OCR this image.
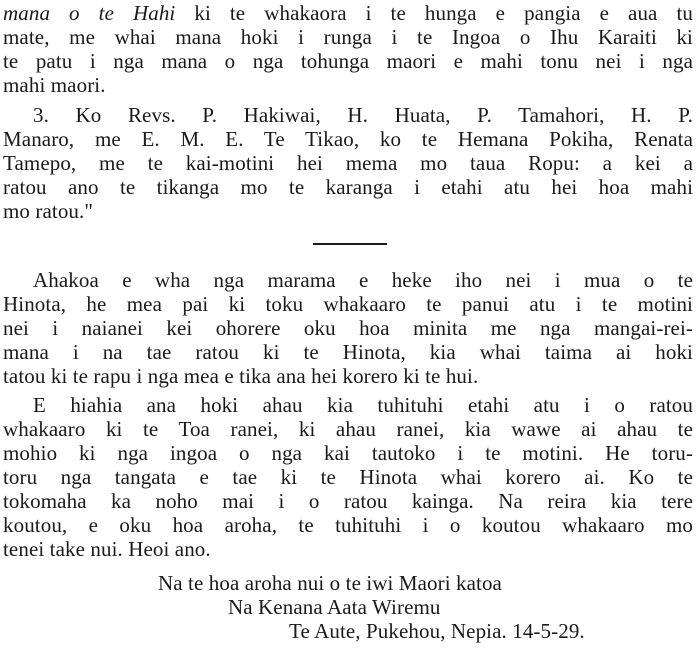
mana o te Hahi ki te whakaora i te hunga e pangia e aua tu
mate, me whai mana hoki i runga i te Ingoa o Ihu Karaiti ki
te patu i nga mana o nga tohunga maori e mahi tonu nei i nga
mahi maori.
3. Ko Revs. P. Hakiwai, H. Huata, P. Tamahori, H. P.
Manaro, me E. M. E. Te Tikao, ko te Hemana Pokiha, Renata
Tamepo, me te kai-motini hei mema mo taua Ropu: a kei a
ratou ano te tikanga mo te karanga i etahi atu hei hoa mahi
mo ratou."
Ahakoa e wha nga marama e heke iho nei i mua o te
Hinota, he mea pai ki toku whakaaro te panui atu i te motini
nei i naianei kei ohorere oku hoa minita me nga mangai-rei-
mana i na tae ratou ki te Hinota, kia whai taima ai hoki
tatou ki te rapu i nga mea e tika ana hei korero ki te hui.
E hiahia ana hoki ahau kia tuhituhi etahi atu i o ratou
whakaaro ki te Toa ranei, ki ahau ranei, kia wawe ai ahau te
mohio ki nga ingoa o nga kai tautoko i te motini. He toru-
toru nga tangata e tae ki te Hinota whai korero ai. Ko te
tokomaha ka noho mai i o ratou kainga. Na reira kia tere
koutou, e oku hoa aroha, te tuhituhi i o koutou whakaaro mo
tenei take nui. Heoi ano.
Na te hoa aroha nui o te iwi Maori katoa
Na Kenana Aata Wiremu
Te Aute, Pukehou, Nepia. 14-5-29.
